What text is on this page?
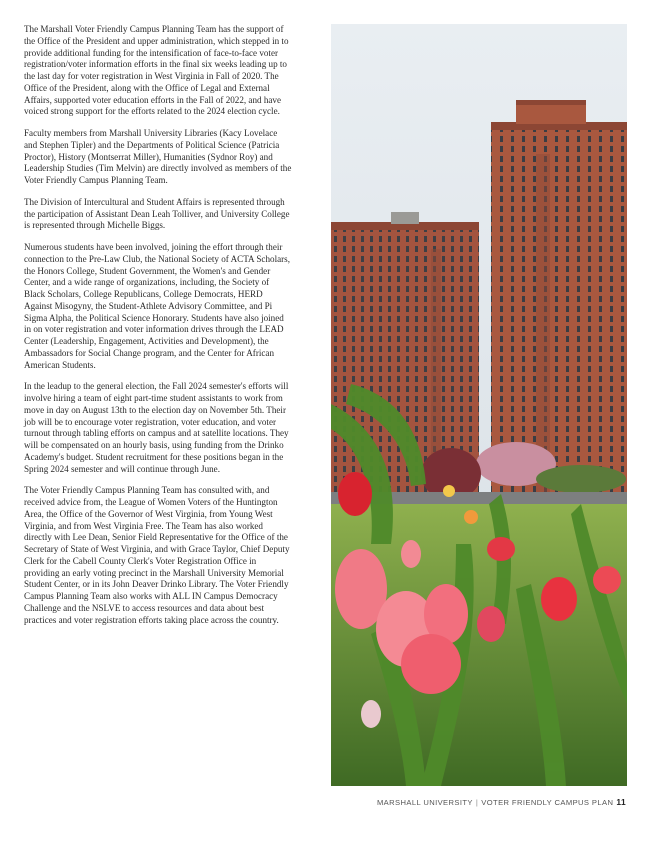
The Marshall Voter Friendly Campus Planning Team has the support of the Office of the President and upper administration, which stepped in to provide additional funding for the intensification of face-to-face voter registration/voter information efforts in the final six weeks leading up to the last day for voter registration in West Virginia in Fall of 2020. The Office of the President, along with the Office of Legal and External Affairs, supported voter education efforts in the Fall of 2022, and have voiced strong support for the efforts related to the 2024 election cycle.

Faculty members from Marshall University Libraries (Kacy Lovelace and Stephen Tipler) and the Departments of Political Science (Patricia Proctor), History (Montserrat Miller), Humanities (Sydnor Roy) and Leadership Studies (Tim Melvin) are directly involved as members of the Voter Friendly Campus Planning Team.

The Division of Intercultural and Student Affairs is represented through the participation of Assistant Dean Leah Tolliver, and University College is represented through Michelle Biggs.

Numerous students have been involved, joining the effort through their connection to the Pre-Law Club, the National Society of ACTA Scholars, the Honors College, Student Government, the Women's and Gender Center, and a wide range of organizations, including, the Society of Black Scholars, College Republicans, College Democrats, HERD Against Misogyny, the Student-Athlete Advisory Committee, and Pi Sigma Alpha, the Political Science Honorary. Students have also joined in on voter registration and voter information drives through the LEAD Center (Leadership, Engagement, Activities and Development), the Ambassadors for Social Change program, and the Center for African American Students.

In the leadup to the general election, the Fall 2024 semester's efforts will involve hiring a team of eight part-time student assistants to work from move in day on August 13th to the election day on November 5th. Their job will be to encourage voter registration, voter education, and voter turnout through tabling efforts on campus and at satellite locations. They will be compensated on an hourly basis, using funding from the Drinko Academy's budget. Student recruitment for these positions began in the Spring 2024 semester and will continue through June.

The Voter Friendly Campus Planning Team has consulted with, and received advice from, the League of Women Voters of the Huntington Area, the Office of the Governor of West Virginia, from Young West Virginia, and from West Virginia Free. The Team has also worked directly with Lee Dean, Senior Field Representative for the Office of the Secretary of State of West Virginia, and with Grace Taylor, Chief Deputy Clerk for the Cabell County Clerk's Voter Registration Office in providing an early voting precinct in the Marshall University Memorial Student Center, or in its John Deaver Drinko Library. The Voter Friendly Campus Planning Team also works with ALL IN Campus Democracy Challenge and the NSLVE to access resources and data about best practices and voter registration efforts taking place across the country.

MARSHALL UNIVERSITY | VOTER FRIENDLY CAMPUS PLAN 11
